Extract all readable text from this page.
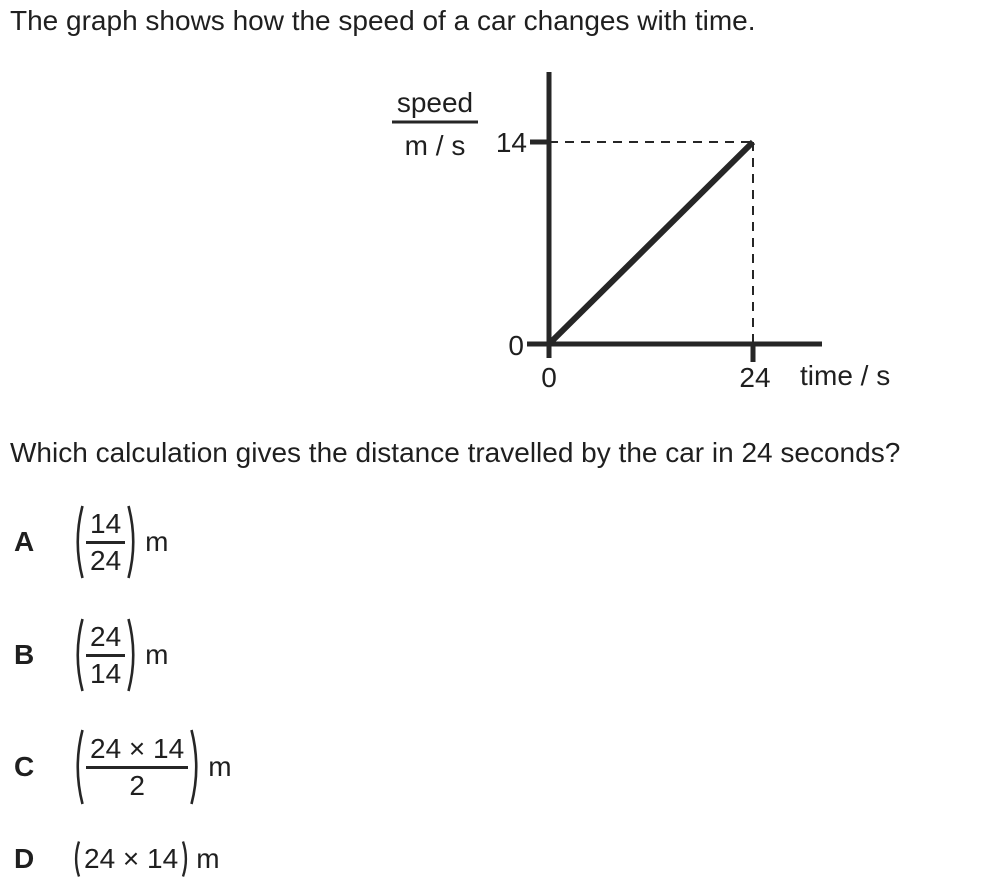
The graph shows how the speed of a car changes with time.
speed
m / s 14
0
0	24 time / s
Which calculation gives the distance travelled by the car in 24 seconds?
A	$\frac{14}{24}$ m
B	$\frac{24}{14}$ m
C	$\frac{24 \times 14}{2}$ m
D	24 × 14 m
